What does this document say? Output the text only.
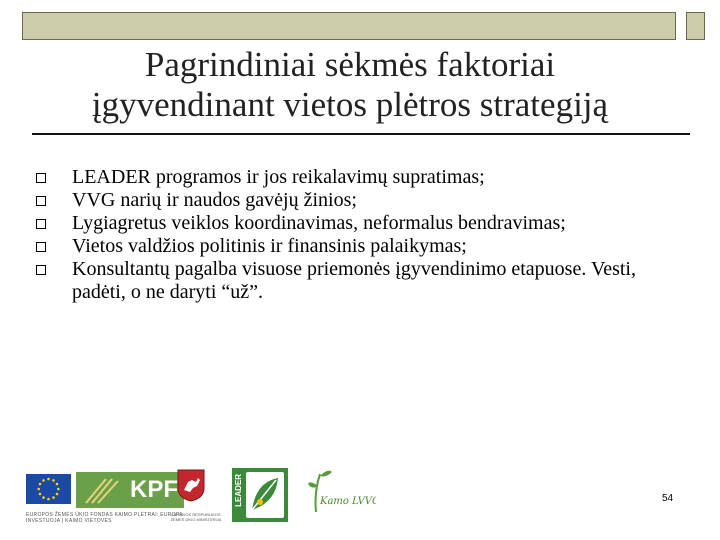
Pagrindiniai sėkmės faktoriai
įgyvendinant vietos plėtros strategiją
LEADER programos ir jos reikalavimų supratimas;
VVG narių ir naudos gavėjų žinios;
Lygiagretus veiklos koordinavimas, neformalus bendravimas;
Vietos valdžios politinis ir finansinis palaikymas;
Konsultantų pagalba visuose priemonės įgyvendinimo etapuose. Vesti, padėti, o ne daryti “už”.
KPF
EUROPOS ŽEMĖS ŪKIO FONDAS KAIMO PLĖTRAI: EUROPA INVESTUOJA Į KAIMO VIETOVES
LIETUVOS RESPUBLIKOS ŽEMĖS ŪKIO MINISTERIJA
LEADER	Kamo LVVG	54
